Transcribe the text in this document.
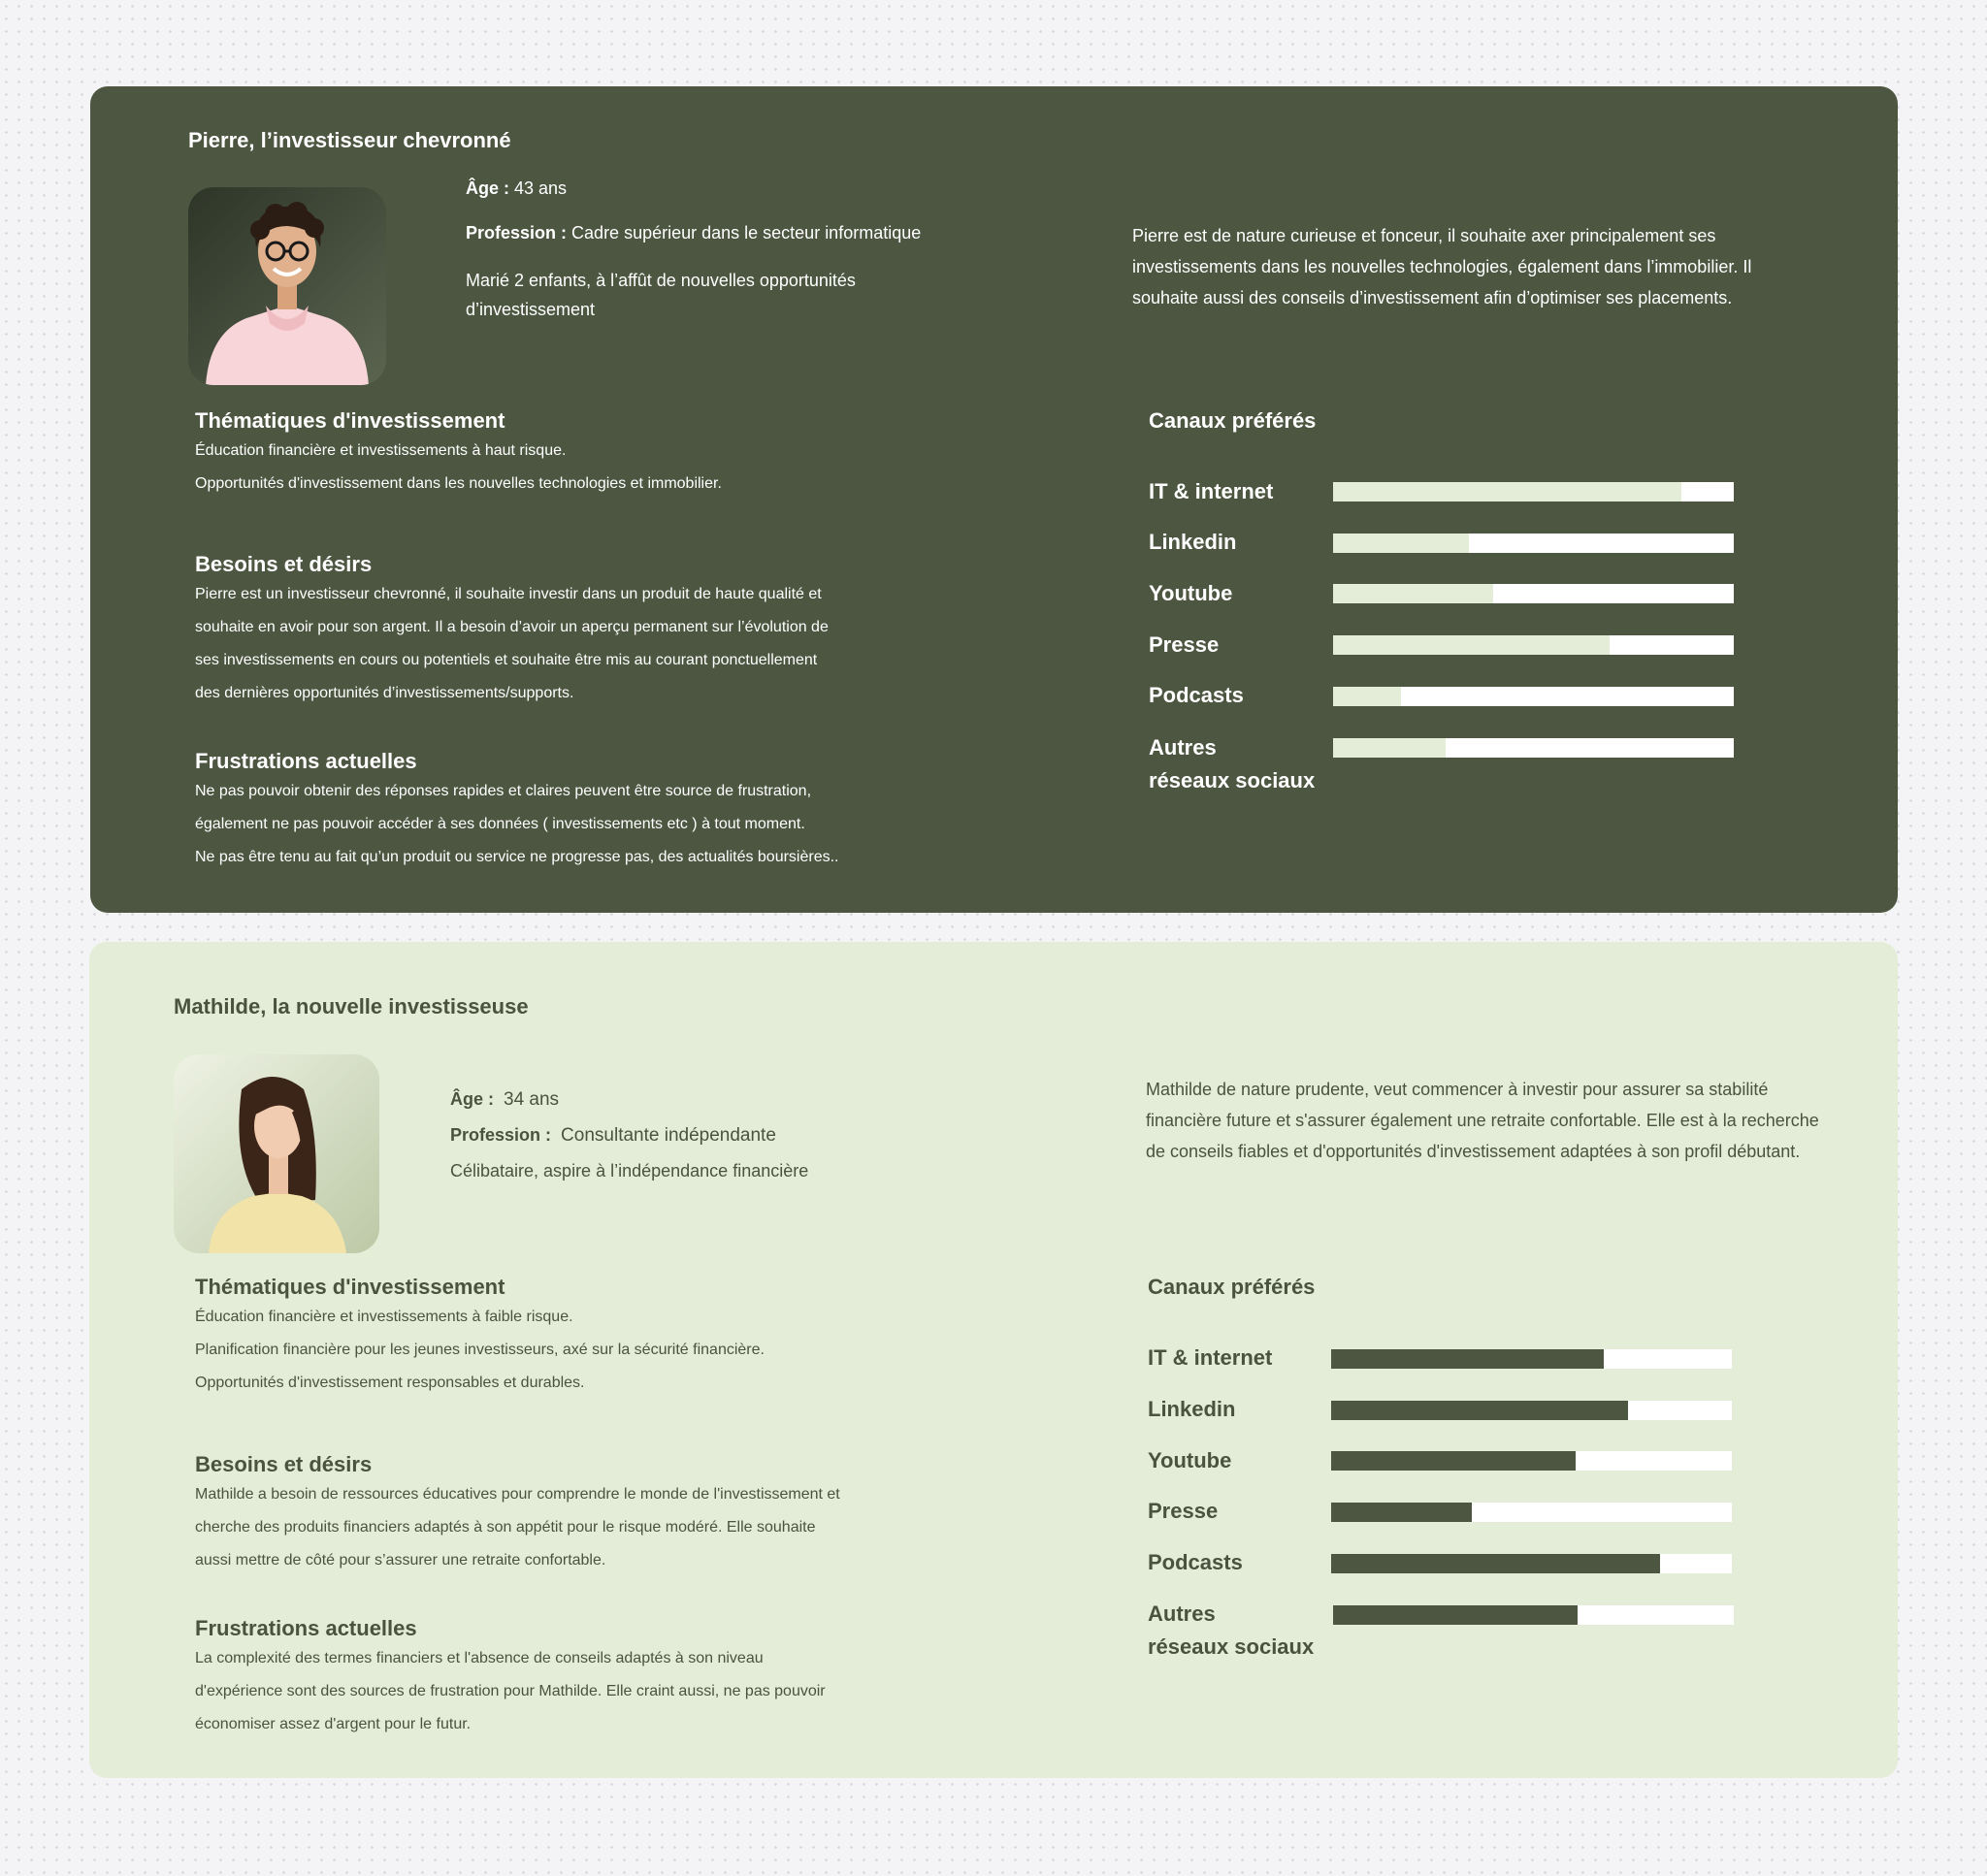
Pierre, l’investisseur chevronné

Âge : 43 ans

Profession : Cadre supérieur dans le secteur informatique

Marié 2 enfants, à l’affût de nouvelles opportunités d’investissement

Pierre est de nature curieuse et fonceur, il souhaite axer principalement ses investissements dans les nouvelles technologies, également dans l’immobilier. Il souhaite aussi des conseils d’investissement afin d’optimiser ses placements.
Thématiques d'investissement

Éducation financière et investissements à haut risque.

Opportunités d'investissement dans les nouvelles technologies et immobilier.

Besoins et désirs

Pierre est un investisseur chevronné, il souhaite investir dans un produit de haute qualité et

souhaite en avoir pour son argent. Il a besoin d’avoir un aperçu permanent sur l’évolution de

ses investissements en cours ou potentiels et souhaite être mis au courant ponctuellement

des dernières opportunités d’investissements/supports.

Frustrations actuelles

Ne pas pouvoir obtenir des réponses rapides et claires peuvent être source de frustration,

également ne pas pouvoir accéder à ses données ( investissements etc ) à tout moment.

Ne pas être tenu au fait qu’un produit ou service ne progresse pas, des actualités boursières..

Canaux préférés
IT & internet
Linkedin
Youtube
Presse
Podcasts
Autres
réseaux sociaux
Mathilde, la nouvelle investisseuse

Âge : 34 ans

Profession : Consultante indépendante

Célibataire, aspire à l’indépendance financière

Mathilde de nature prudente, veut commencer à investir pour assurer sa stabilité financière future et s'assurer également une retraite confortable. Elle est à la recherche de conseils fiables et d'opportunités d'investissement adaptées à son profil débutant.
Thématiques d'investissement

Éducation financière et investissements à faible risque.

Planification financière pour les jeunes investisseurs, axé sur la sécurité financière.

Opportunités d'investissement responsables et durables.

Besoins et désirs

Mathilde a besoin de ressources éducatives pour comprendre le monde de l'investissement et

cherche des produits financiers adaptés à son appétit pour le risque modéré. Elle souhaite

aussi mettre de côté pour s’assurer une retraite confortable.

Frustrations actuelles

La complexité des termes financiers et l'absence de conseils adaptés à son niveau

d'expérience sont des sources de frustration pour Mathilde. Elle craint aussi, ne pas pouvoir

économiser assez d'argent pour le futur.

Canaux préférés
IT & internet
Linkedin
Youtube
Presse
Podcasts
Autres
réseaux sociaux
